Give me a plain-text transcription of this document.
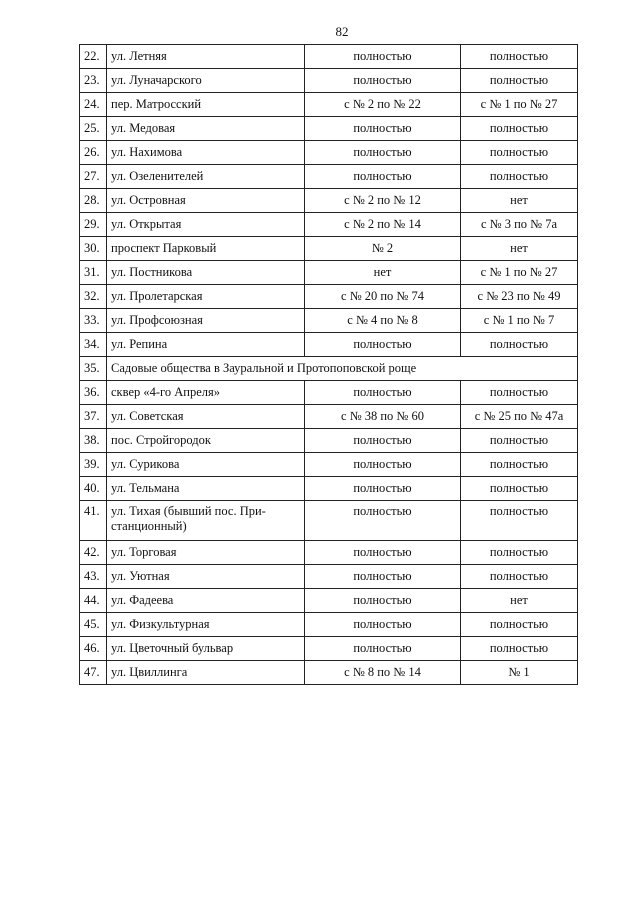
82
22.	ул. Летняя	полностью	полностью
23.	ул. Луначарского	полностью	полностью
24.	пер. Матросский	с № 2 по № 22	с № 1 по № 27
25.	ул. Медовая	полностью	полностью
26.	ул. Нахимова	полностью	полностью
27.	ул. Озеленителей	полностью	полностью
28.	ул. Островная	с № 2 по № 12	нет
29.	ул. Открытая	с № 2 по № 14	с № 3 по № 7а
30.	проспект Парковый	№ 2	нет
31.	ул. Постникова	нет	с № 1 по № 27
32.	ул. Пролетарская	с № 20 по № 74	с № 23 по № 49
33.	ул. Профсоюзная	с № 4 по № 8	с № 1 по № 7
34.	ул. Репина	полностью	полностью
35.	Садовые общества в Зауральной и Протопоповской роще		
36.	сквер «4-го Апреля»	полностью	полностью
37.	ул. Советская	с № 38 по № 60	с № 25 по № 47а
38.	пос. Стройгородок	полностью	полностью
39.	ул. Сурикова	полностью	полностью
40.	ул. Тельмана	полностью	полностью
41.	ул. Тихая (бывший пос. При-станционный)	полностью	полностью
42.	ул. Торговая	полностью	полностью
43.	ул. Уютная	полностью	полностью
44.	ул. Фадеева	полностью	нет
45.	ул. Физкультурная	полностью	полностью
46.	ул. Цветочный бульвар	полностью	полностью
47.	ул. Цвиллинга	с № 8 по № 14	№ 1
